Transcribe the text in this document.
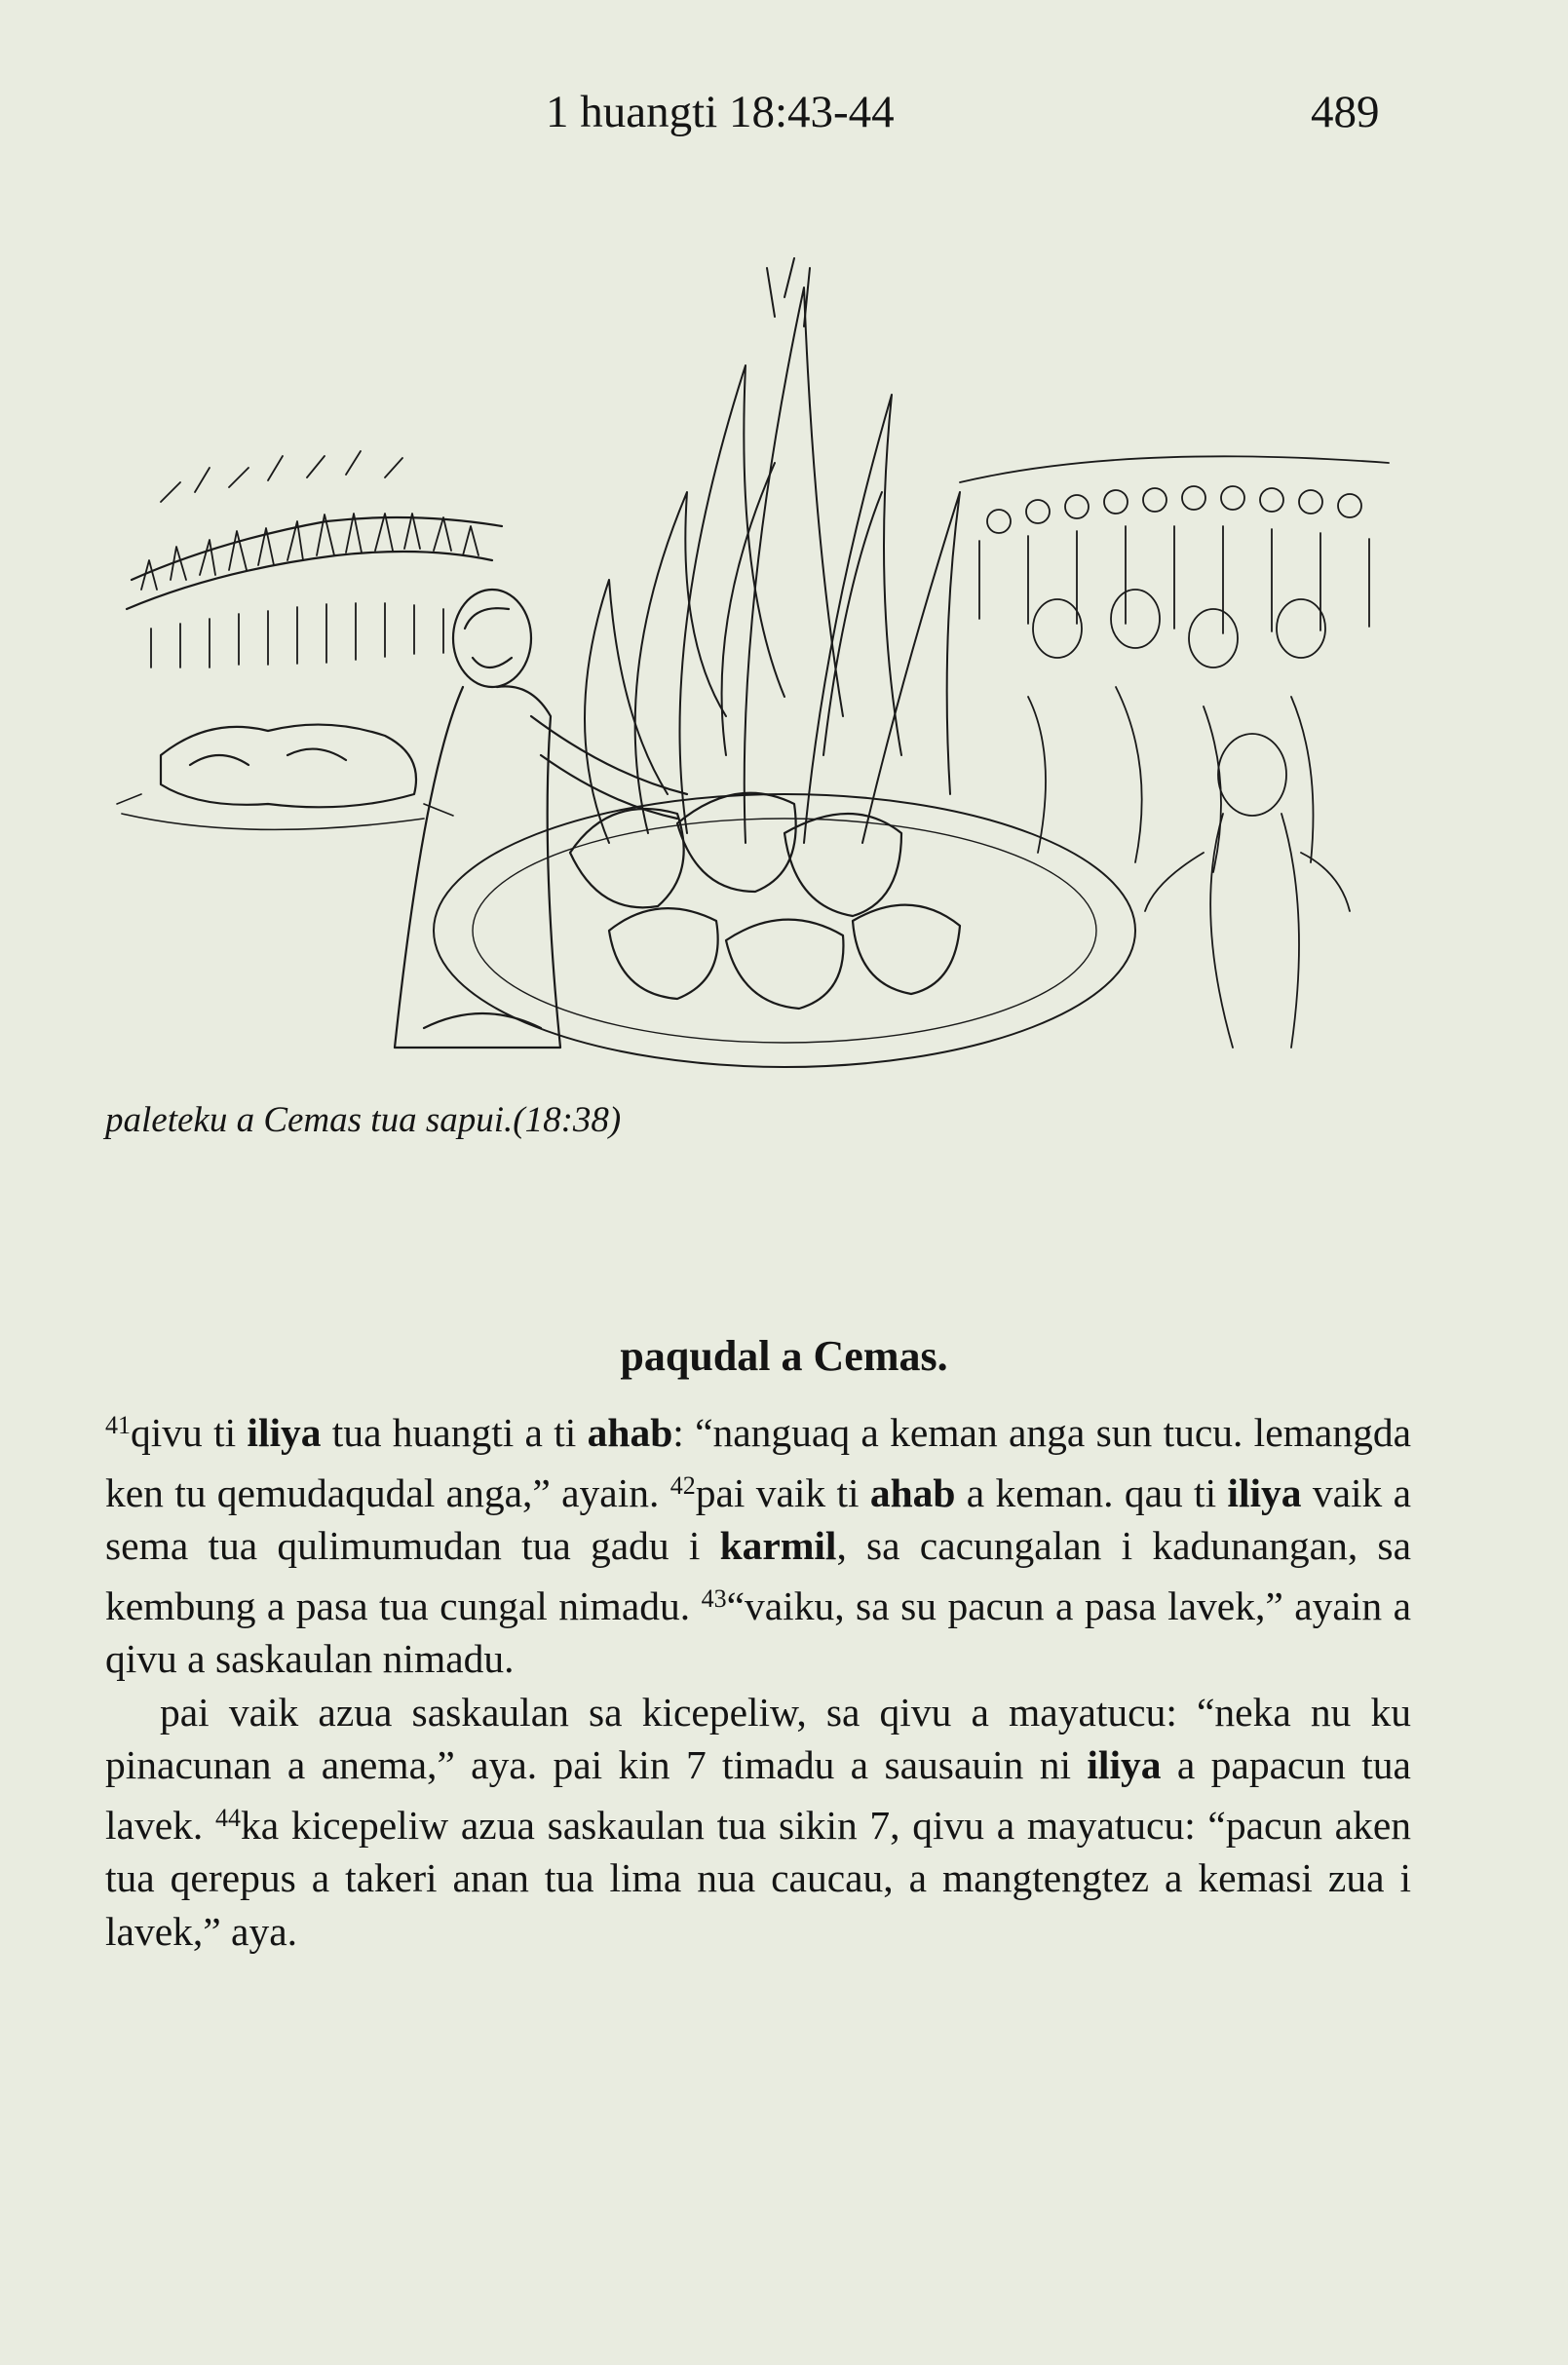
1 huangti 18:43-44	489
paleteku a Cemas tua sapui.(18:38)
paqudal a Cemas.

$^{41}$qivu ti iliya tua huangti a ti ahab: “nanguaq a keman anga sun tucu. lemangda ken tu qemudaqudal anga,” ayain. $^{42}$pai vaik ti ahab a keman. qau ti iliya vaik a sema tua qulimumudan tua gadu i karmil, sa cacungalan i kadunangan, sa kembung a pasa tua cungal nimadu. $^{43}$“vaiku, sa su pacun a pasa lavek,” ayain a qivu a saskaulan nimadu.

pai vaik azua saskaulan sa kicepeliw, sa qivu a mayatucu: “neka nu ku pinacunan a anema,” aya. pai kin 7 timadu a sausauin ni iliya a papacun tua lavek. $^{44}$ka kicepeliw azua saskaulan tua sikin 7, qivu a mayatucu: “pacun aken tua qerepus a takeri anan tua lima nua caucau, a mangtengtez a kemasi zua i lavek,” aya.
